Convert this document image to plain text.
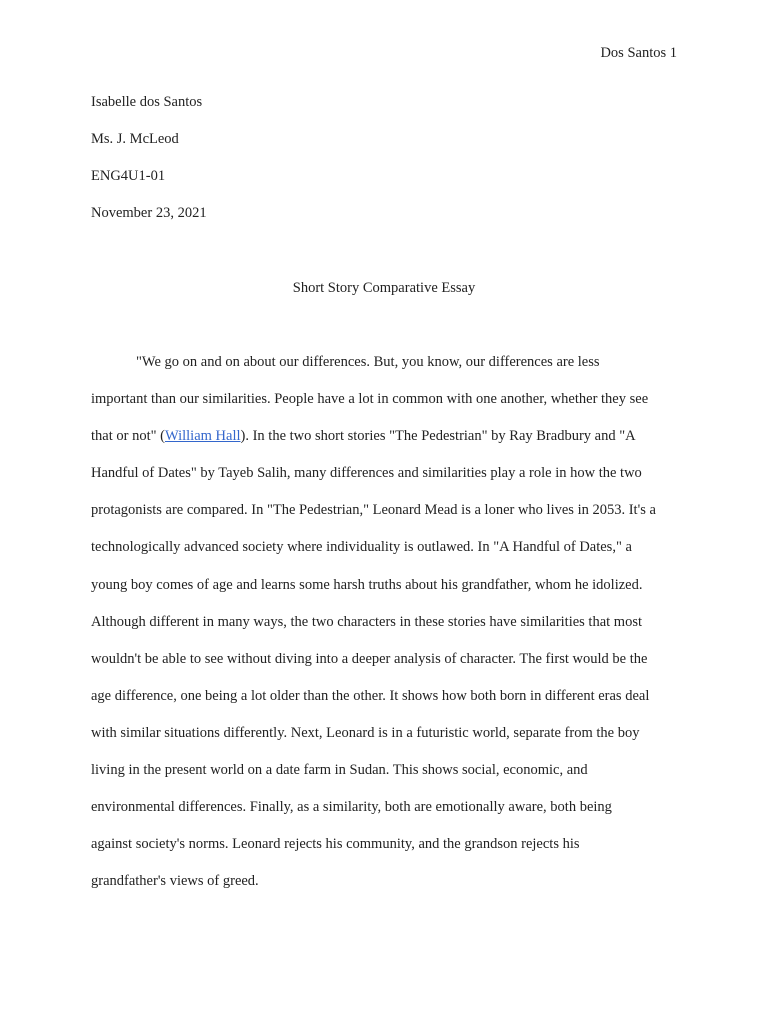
Dos Santos 1
Isabelle dos Santos
Ms. J. McLeod
ENG4U1-01
November 23, 2021
Short Story Comparative Essay
"We go on and on about our differences. But, you know, our differences are less
important than our similarities. People have a lot in common with one another, whether they see
that or not" (William Hall). In the two short stories "The Pedestrian" by Ray Bradbury and "A
Handful of Dates" by Tayeb Salih, many differences and similarities play a role in how the two
protagonists are compared. In "The Pedestrian," Leonard Mead is a loner who lives in 2053. It's a
technologically advanced society where individuality is outlawed. In "A Handful of Dates," a
young boy comes of age and learns some harsh truths about his grandfather, whom he idolized.
Although different in many ways, the two characters in these stories have similarities that most
wouldn't be able to see without diving into a deeper analysis of character. The first would be the
age difference, one being a lot older than the other. It shows how both born in different eras deal
with similar situations differently. Next, Leonard is in a futuristic world, separate from the boy
living in the present world on a date farm in Sudan. This shows social, economic, and
environmental differences. Finally, as a similarity, both are emotionally aware, both being
against society's norms. Leonard rejects his community, and the grandson rejects his
grandfather's views of greed.
